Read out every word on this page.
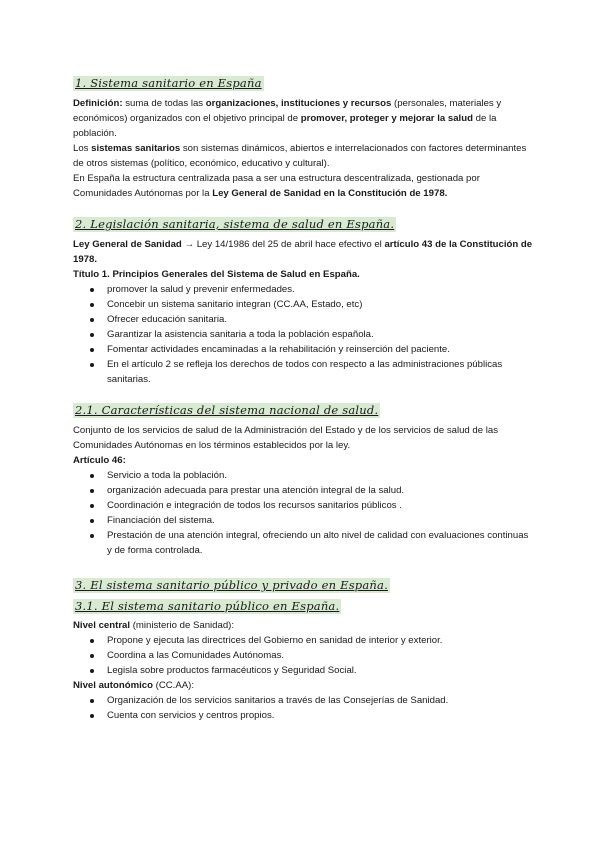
1. Sistema sanitario en España
Definición: suma de todas las organizaciones, instituciones y recursos (personales, materiales y económicos) organizados con el objetivo principal de promover, proteger y mejorar la salud de la población.
Los sistemas sanitarios son sistemas dinámicos, abiertos e interrelacionados con factores determinantes de otros sistemas (político, económico, educativo y cultural).
En España la estructura centralizada pasa a ser una estructura descentralizada, gestionada por Comunidades Autónomas por la Ley General de Sanidad en la Constitución de 1978.
2. Legislación sanitaria, sistema de salud en España.
Ley General de Sanidad → Ley 14/1986 del 25 de abril hace efectivo el artículo 43 de la Constitución de 1978.
Título 1. Principios Generales del Sistema de Salud en España.
promover la salud y prevenir enfermedades.
Concebir un sistema sanitario integran (CC.AA, Estado, etc)
Ofrecer educación sanitaria.
Garantizar la asistencia sanitaria a toda la población española.
Fomentar actividades encaminadas a la rehabilitación y reinserción del paciente.
En el artículo 2 se refleja los derechos de todos con respecto a las administraciones públicas sanitarias.
2.1. Características del sistema nacional de salud.
Conjunto de los servicios de salud de la Administración del Estado y de los servicios de salud de las Comunidades Autónomas en los términos establecidos por la ley.
Artículo 46:
Servicio a toda la población.
organización adecuada para prestar una atención integral de la salud.
Coordinación e integración de todos los recursos sanitarios públicos .
Financiación del sistema.
Prestación de una atención integral, ofreciendo un alto nivel de calidad con evaluaciones continuas y de forma controlada.
3. El sistema sanitario público y privado en España.
3.1. El sistema sanitario público en España.
Nivel central (ministerio de Sanidad):
Propone y ejecuta las directrices del Gobierno en sanidad de interior y exterior.
Coordina a las Comunidades Autónomas.
Legisla sobre productos farmacéuticos y Seguridad Social.
Nivel autonómico (CC.AA):
Organización de los servicios sanitarios a través de las Consejerías de Sanidad.
Cuenta con servicios y centros propios.
